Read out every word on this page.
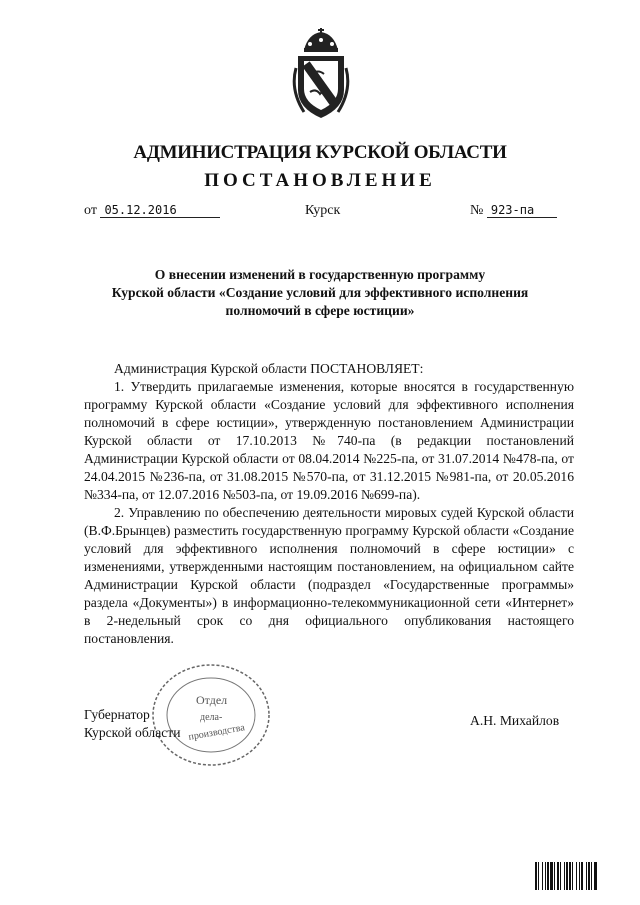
АДМИНИСТРАЦИЯ КУРСКОЙ ОБЛАСТИ
ПОСТАНОВЛЕНИЕ
от 05.12.2016	Курск	№ 923-па
О внесении изменений в государственную программу
Курской области «Создание условий для эффективного исполнения
полномочий в сфере юстиции»

Администрация Курской области ПОСТАНОВЛЯЕТ:

1. Утвердить прилагаемые изменения, которые вносятся в государственную программу Курской области «Создание условий для эффективного исполнения полномочий в сфере юстиции», утвержденную постановлением Администрации Курской области от 17.10.2013 №740-па (в редакции постановлений Администрации Курской области от 08.04.2014 №225-па, от 31.07.2014 №478-па, от 24.04.2015 №236-па, от 31.08.2015 №570-па, от 31.12.2015 №981-па, от 20.05.2016 №334-па, от 12.07.2016 №503-па, от 19.09.2016 №699-па).

2. Управлению по обеспечению деятельности мировых судей Курской области (В.Ф.Брынцев) разместить государственную программу Курской области «Создание условий для эффективного исполнения полномочий в сфере юстиции» с изменениями, утвержденными настоящим постановлением, на официальном сайте Администрации Курской области (подраздел «Государственные программы» раздела «Документы») в информационно-телекоммуникационной сети «Интернет» в 2-недельный срок со дня официального опубликования настоящего постановления.

Отдел
дела-
производства
Губернатор
Курской области
А.Н. Михайлов
